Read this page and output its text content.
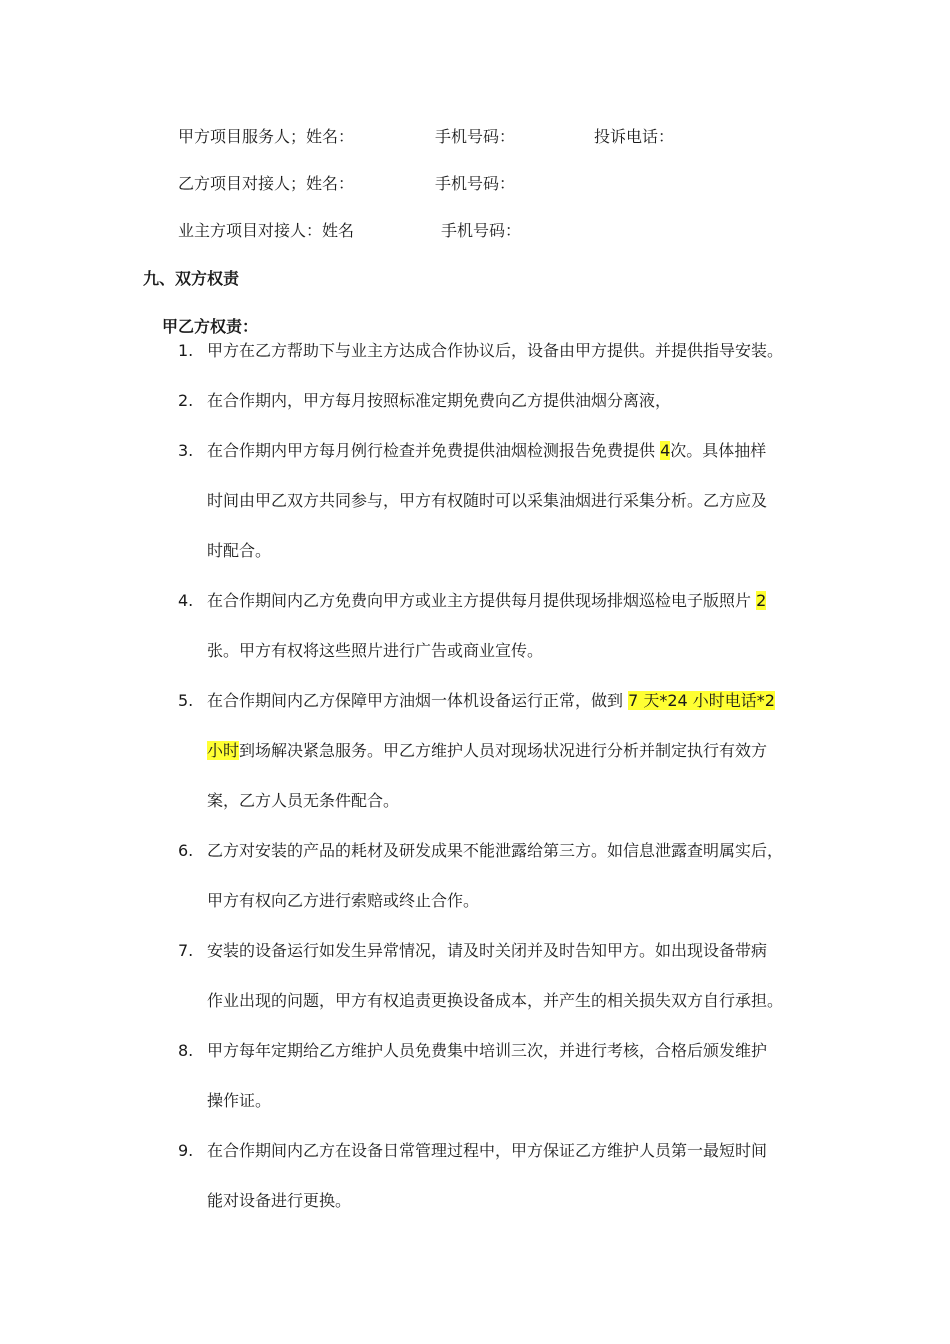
甲方项目服务人；姓名：	手机号码：	投诉电话：
乙方项目对接人；姓名：	手机号码：
业主方项目对接人：姓名	手机号码：
九、双方权责
甲乙方权责：
1. 甲方在乙方帮助下与业主方达成合作协议后，设备由甲方提供。并提供指导安装。
2. 在合作期内，甲方每月按照标准定期免费向乙方提供油烟分离液，
3. 在合作期内甲方每月例行检查并免费提供油烟检测报告免费提供 4次。具体抽样
时间由甲乙双方共同参与，甲方有权随时可以采集油烟进行采集分析。乙方应及
时配合。
4. 在合作期间内乙方免费向甲方或业主方提供每月提供现场排烟巡检电子版照片 2
张。甲方有权将这些照片进行广告或商业宣传。
5. 在合作期间内乙方保障甲方油烟一体机设备运行正常，做到 7 天*24 小时电话*2
小时到场解决紧急服务。甲乙方维护人员对现场状况进行分析并制定执行有效方
案，乙方人员无条件配合。
6. 乙方对安装的产品的耗材及研发成果不能泄露给第三方。如信息泄露查明属实后，
甲方有权向乙方进行索赔或终止合作。
7. 安装的设备运行如发生异常情况，请及时关闭并及时告知甲方。如出现设备带病
作业出现的问题，甲方有权追责更换设备成本，并产生的相关损失双方自行承担。
8. 甲方每年定期给乙方维护人员免费集中培训三次，并进行考核，合格后颁发维护
操作证。
9. 在合作期间内乙方在设备日常管理过程中，甲方保证乙方维护人员第一最短时间
能对设备进行更换。
